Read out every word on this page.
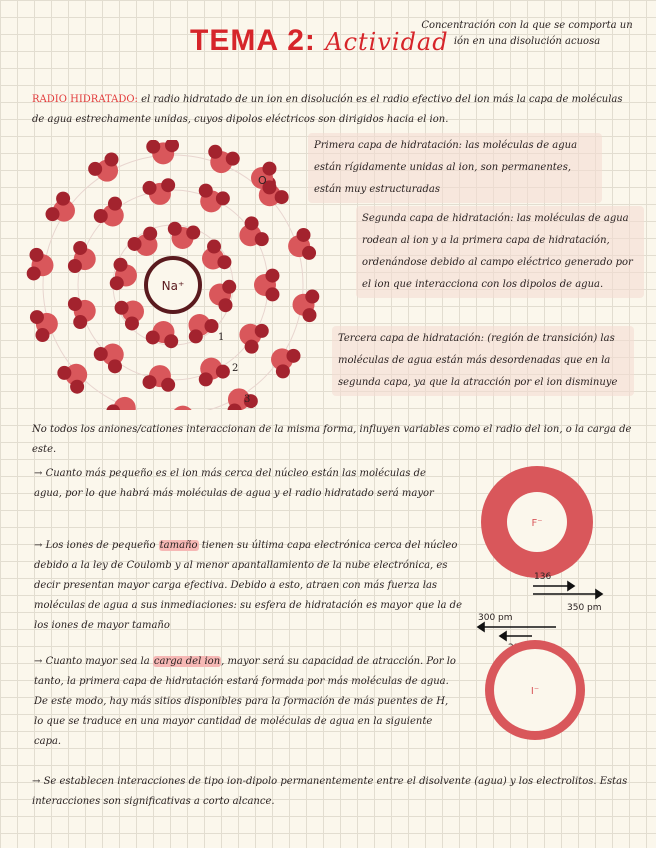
TEMA 2: Actividad
Concentración con la que se comporta un ión en una disolución acuosa
RADIO HIDRATADO: el radio hidratado de un ion en disolución es el radio efectivo del ion más la capa de moléculas de agua estrechamente unidas, cuyos dipolos eléctricos son dirigidos hacia el ion.
Na⁺
O
1
2
3
Primera capa de hidratación: las moléculas de agua están rígidamente unidas al ion, son permanentes, están muy estructuradas
Segunda capa de hidratación: las moléculas de agua rodean al ion y a la primera capa de hidratación, ordenándose debido al campo eléctrico generado por el ion que interacciona con los dipolos de agua.
Tercera capa de hidratación: (región de transición) las moléculas de agua están más desordenadas que en la segunda capa, ya que la atracción por el ion disminuye
No todos los aniones/cationes interaccionan de la misma forma, influyen variables como el radio del ion, o la carga de este.
→ Cuanto más pequeño es el ion más cerca del núcleo están las moléculas de agua, por lo que habrá más moléculas de agua y el radio hidratado será mayor
→ Los iones de pequeño tamaño tienen su última capa electrónica cerca del núcleo debido a la ley de Coulomb y al menor apantallamiento de la nube electrónica, es decir presentan mayor carga efectiva. Debido a esto, atraen con más fuerza las moléculas de agua a sus inmediaciones: su esfera de hidratación es mayor que la de los iones de mayor tamaño
→ Cuanto mayor sea la carga del ion, mayor será su capacidad de atracción. Por lo tanto, la primera capa de hidratación estará formada por más moléculas de agua. De este modo, hay más sitios disponibles para la formación de más puentes de H, lo que se traduce en una mayor cantidad de moléculas de agua en la siguiente capa.
→ Se establecen interacciones de tipo ion-dipolo permanentemente entre el disolvente (agua) y los electrolitos. Estas interacciones son significativas a corto alcance.
F⁻
136
350 pm
300 pm
I⁻
